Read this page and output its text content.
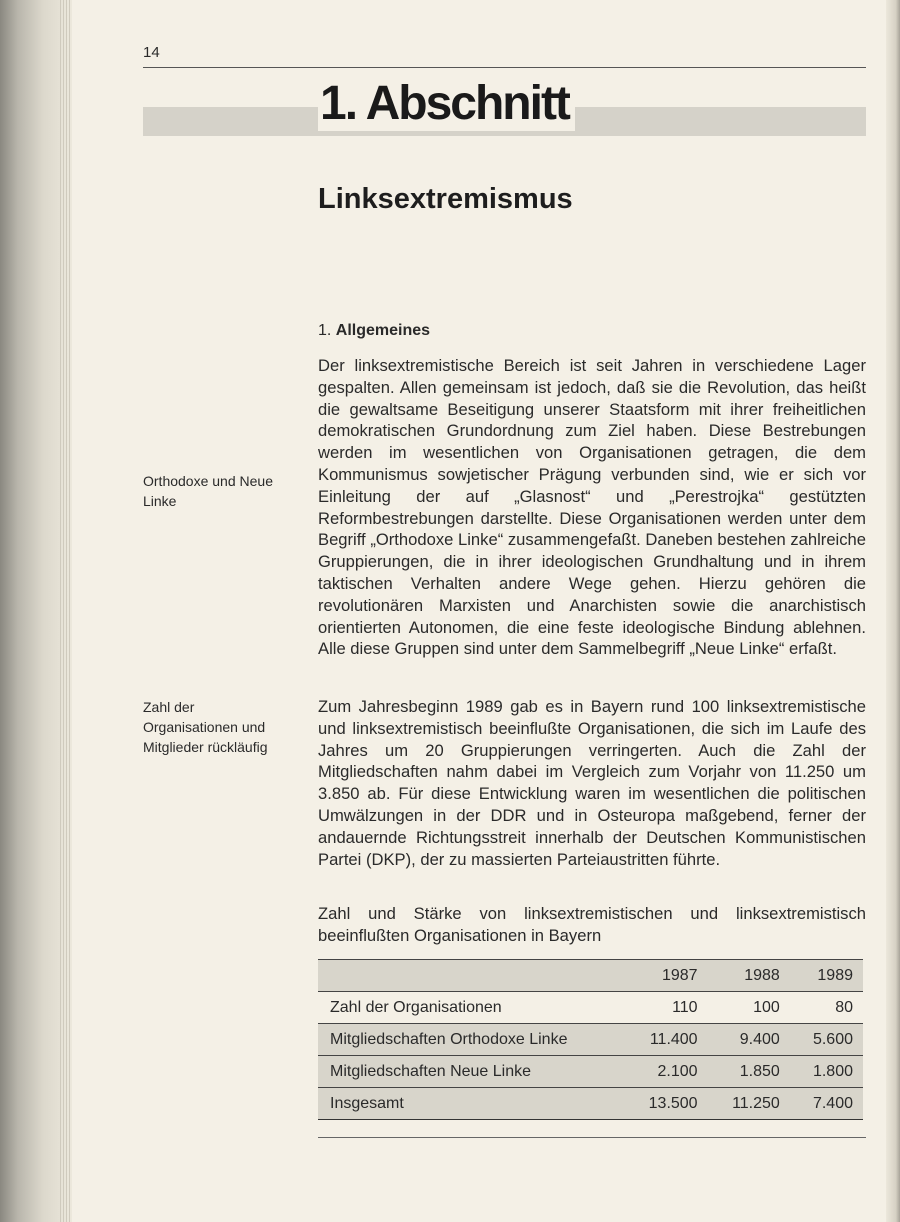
14
1. Abschnitt
Linksextremismus
1. Allgemeines
Orthodoxe und Neue Linke
Zahl der Organisationen und Mitglieder rückläufig
Der linksextremistische Bereich ist seit Jahren in verschiedene Lager gespalten. Allen gemeinsam ist jedoch, daß sie die Revolution, das heißt die gewaltsame Beseitigung unserer Staatsform mit ihrer freiheitlichen demokratischen Grundordnung zum Ziel haben. Diese Bestrebungen werden im wesentlichen von Organisationen getragen, die dem Kommunismus sowjetischer Prägung verbunden sind, wie er sich vor Einleitung der auf „Glasnost“ und „Perestrojka“ gestützten Reformbestrebungen darstellte. Diese Organisationen werden unter dem Begriff „Orthodoxe Linke“ zusammengefaßt. Daneben bestehen zahlreiche Gruppierungen, die in ihrer ideologischen Grundhaltung und in ihrem taktischen Verhalten andere Wege gehen. Hierzu gehören die revolutionären Marxisten und Anarchisten sowie die anarchistisch orientierten Autonomen, die eine feste ideologische Bindung ablehnen. Alle diese Gruppen sind unter dem Sammelbegriff „Neue Linke“ erfaßt.
Zum Jahresbeginn 1989 gab es in Bayern rund 100 linksextremistische und linksextremistisch beeinflußte Organisationen, die sich im Laufe des Jahres um 20 Gruppierungen verringerten. Auch die Zahl der Mitgliedschaften nahm dabei im Vergleich zum Vorjahr von 11.250 um 3.850 ab. Für diese Entwicklung waren im wesentlichen die politischen Umwälzungen in der DDR und in Osteuropa maßgebend, ferner der andauernde Richtungsstreit innerhalb der Deutschen Kommunistischen Partei (DKP), der zu massierten Parteiaustritten führte.
Zahl und Stärke von linksextremistischen und linksextremistisch beeinflußten Organisationen in Bayern
	1987	1988	1989
Zahl der Organisationen	110	100	80
Mitgliedschaften Orthodoxe Linke	11.400	9.400	5.600
Mitgliedschaften Neue Linke	2.100	1.850	1.800
Insgesamt	13.500	11.250	7.400
